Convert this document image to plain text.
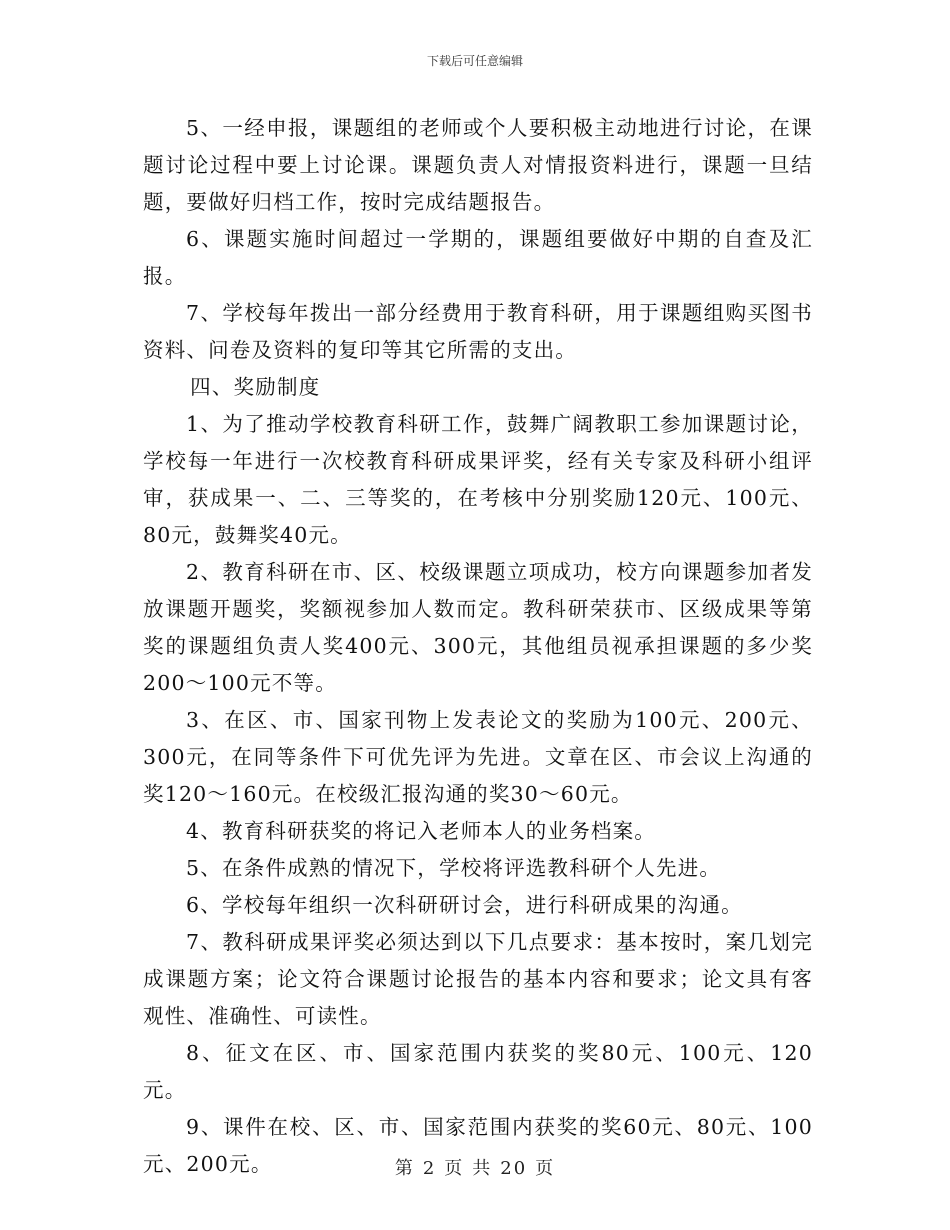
下载后可任意编辑

5、一经申报，课题组的老师或个人要积极主动地进行讨论，在课题讨论过程中要上讨论课。课题负责人对情报资料进行，课题一旦结题，要做好归档工作，按时完成结题报告。

6、课题实施时间超过一学期的，课题组要做好中期的自查及汇报。

7、学校每年拨出一部分经费用于教育科研，用于课题组购买图书资料、问卷及资料的复印等其它所需的支出。

四、奖励制度

1、为了推动学校教育科研工作，鼓舞广阔教职工参加课题讨论，学校每一年进行一次校教育科研成果评奖，经有关专家及科研小组评审，获成果一、二、三等奖的，在考核中分别奖励120元、100元、80元，鼓舞奖40元。

2、教育科研在市、区、校级课题立项成功，校方向课题参加者发放课题开题奖，奖额视参加人数而定。教科研荣获市、区级成果等第奖的课题组负责人奖400元、300元，其他组员视承担课题的多少奖200～100元不等。

3、在区、市、国家刊物上发表论文的奖励为100元、200元、300元，在同等条件下可优先评为先进。文章在区、市会议上沟通的奖120～160元。在校级汇报沟通的奖30～60元。

4、教育科研获奖的将记入老师本人的业务档案。

5、在条件成熟的情况下，学校将评选教科研个人先进。

6、学校每年组织一次科研研讨会，进行科研成果的沟通。

7、教科研成果评奖必须达到以下几点要求：基本按时，案几划完成课题方案；论文符合课题讨论报告的基本内容和要求；论文具有客观性、准确性、可读性。

8、征文在区、市、国家范围内获奖的奖80元、100元、120元。

9、课件在校、区、市、国家范围内获奖的奖60元、80元、100元、200元。	第 2 页 共 20 页
